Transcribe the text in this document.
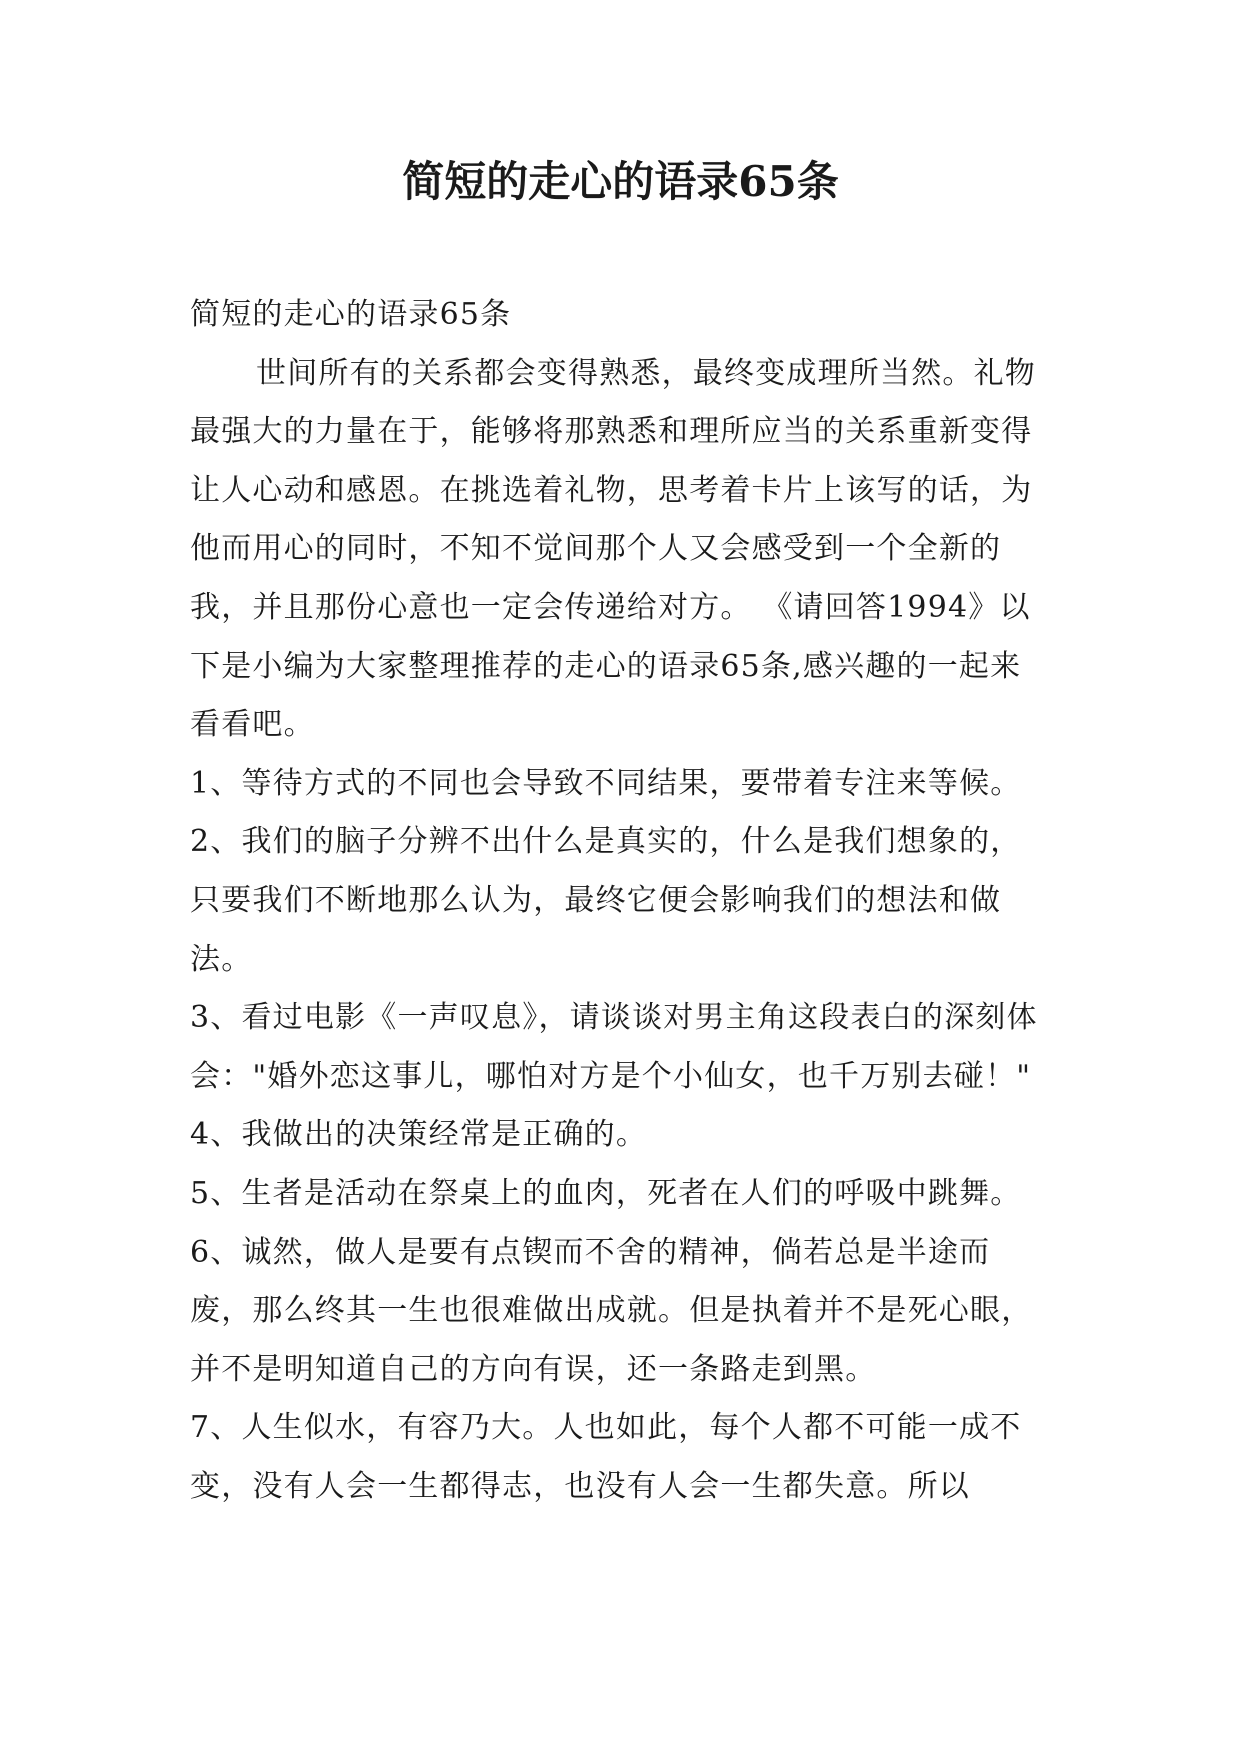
简短的走心的语录65条

简短的走心的语录65条

世间所有的关系都会变得熟悉，最终变成理所当然。礼物最强大的力量在于，能够将那熟悉和理所应当的关系重新变得让人心动和感恩。在挑选着礼物，思考着卡片上该写的话，为他而用心的同时，不知不觉间那个人又会感受到一个全新的我，并且那份心意也一定会传递给对方。 《请回答1994》以下是小编为大家整理推荐的走心的语录65条,感兴趣的一起来看看吧。

1、等待方式的不同也会导致不同结果，要带着专注来等候。

2、我们的脑子分辨不出什么是真实的，什么是我们想象的，只要我们不断地那么认为，最终它便会影响我们的想法和做法。

3、看过电影《一声叹息》，请谈谈对男主角这段表白的深刻体会："婚外恋这事儿，哪怕对方是个小仙女，也千万别去碰！"

4、我做出的决策经常是正确的。

5、生者是活动在祭桌上的血肉，死者在人们的呼吸中跳舞。

6、诚然，做人是要有点锲而不舍的精神，倘若总是半途而废，那么终其一生也很难做出成就。但是执着并不是死心眼，并不是明知道自己的方向有误，还一条路走到黑。

7、人生似水，有容乃大。人也如此，每个人都不可能一成不变，没有人会一生都得志，也没有人会一生都失意。所以
